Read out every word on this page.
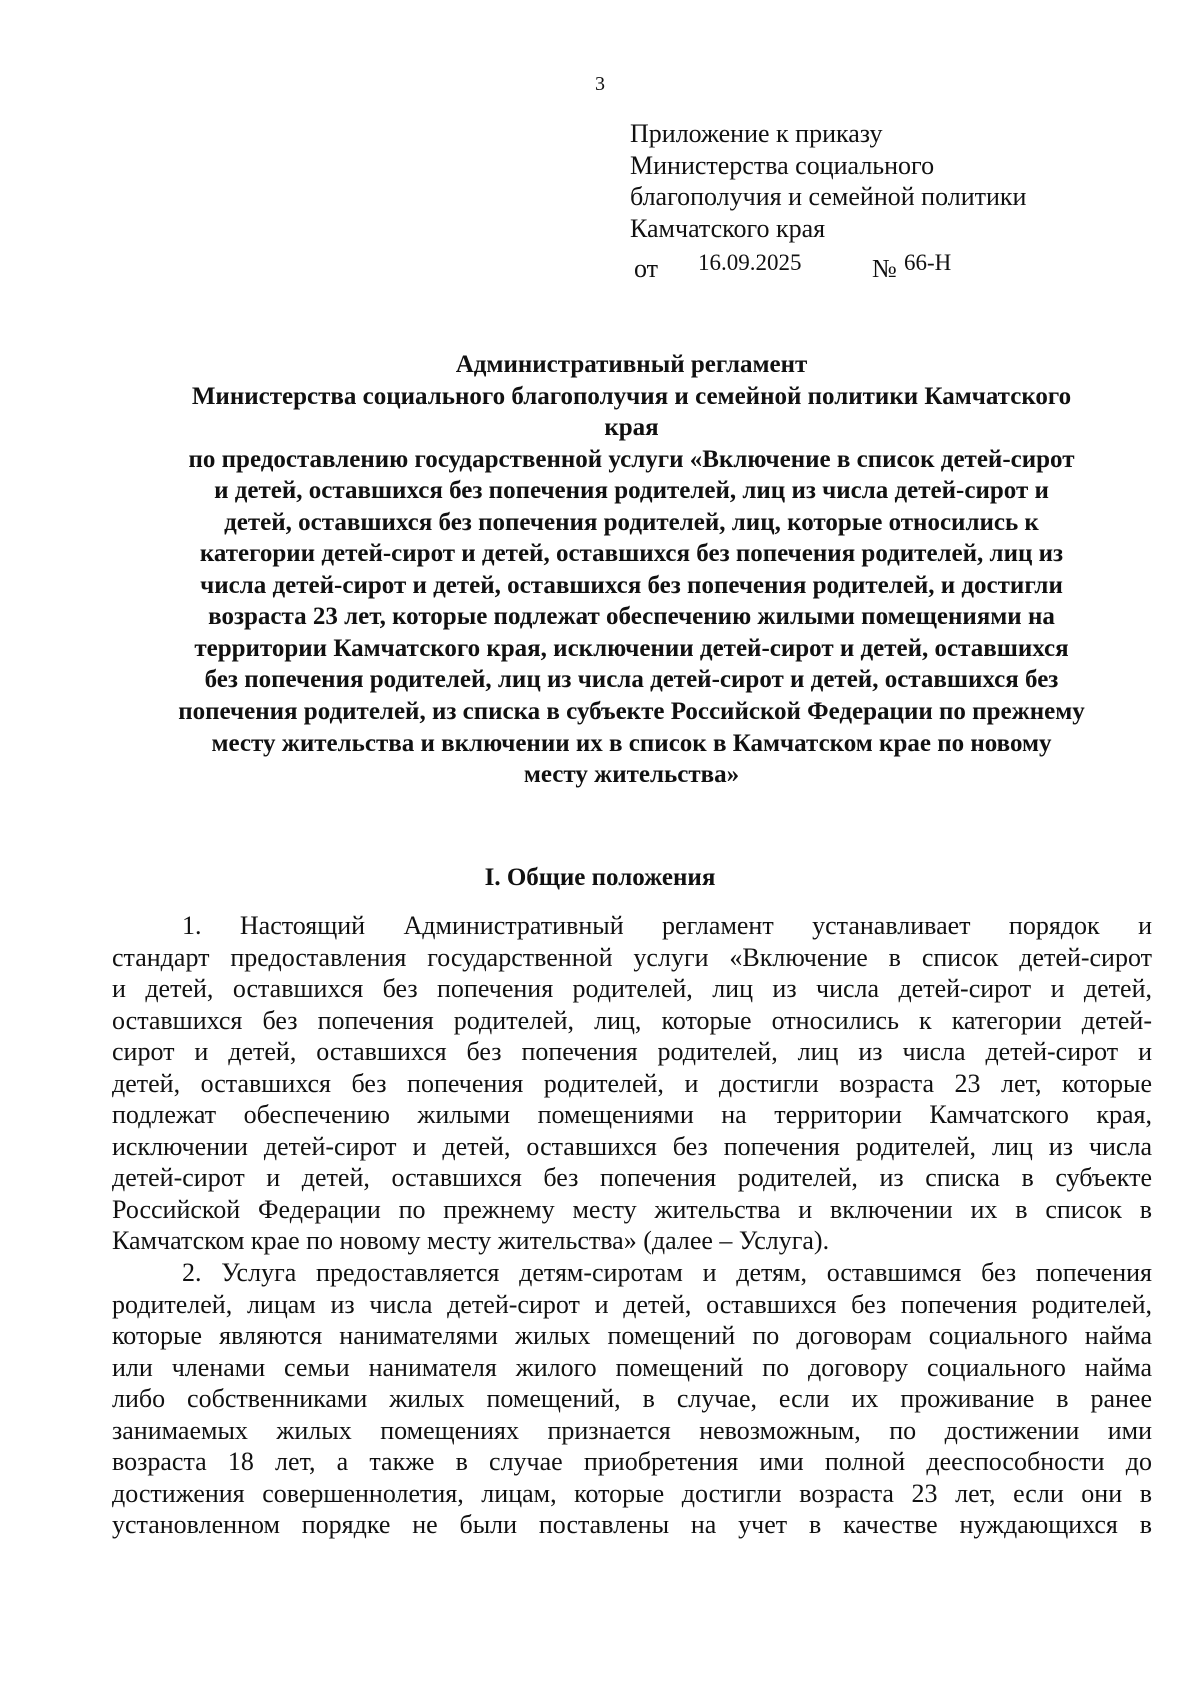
3
Приложение к приказу
Министерства социального
благополучия и семейной политики
Камчатского края
от 16.09.2025	№ 66-Н
Административный регламент
Министерства социального благополучия и семейной политики Камчатского
края
по предоставлению государственной услуги «Включение в список детей-сирот
и детей, оставшихся без попечения родителей, лиц из числа детей-сирот и
детей, оставшихся без попечения родителей, лиц, которые относились к
категории детей-сирот и детей, оставшихся без попечения родителей, лиц из
числа детей-сирот и детей, оставшихся без попечения родителей, и достигли
возраста 23 лет, которые подлежат обеспечению жилыми помещениями на
территории Камчатского края, исключении детей-сирот и детей, оставшихся
без попечения родителей, лиц из числа детей-сирот и детей, оставшихся без
попечения родителей, из списка в субъекте Российской Федерации по прежнему
месту жительства и включении их в список в Камчатском крае по новому
месту жительства»
I. Общие положения
1. Настоящий Административный регламент устанавливает порядок и
стандарт предоставления государственной услуги «Включение в список детей-сирот
и детей, оставшихся без попечения родителей, лиц из числа детей-сирот и детей,
оставшихся без попечения родителей, лиц, которые относились к категории детей-
сирот и детей, оставшихся без попечения родителей, лиц из числа детей-сирот и
детей, оставшихся без попечения родителей, и достигли возраста 23 лет, которые
подлежат обеспечению жилыми помещениями на территории Камчатского края,
исключении детей-сирот и детей, оставшихся без попечения родителей, лиц из числа
детей-сирот и детей, оставшихся без попечения родителей, из списка в субъекте
Российской Федерации по прежнему месту жительства и включении их в список в
Камчатском крае по новому месту жительства» (далее – Услуга).
2. Услуга предоставляется детям-сиротам и детям, оставшимся без попечения
родителей, лицам из числа детей-сирот и детей, оставшихся без попечения родителей,
которые являются нанимателями жилых помещений по договорам социального найма
или членами семьи нанимателя жилого помещений по договору социального найма
либо собственниками жилых помещений, в случае, если их проживание в ранее
занимаемых жилых помещениях признается невозможным, по достижении ими
возраста 18 лет, а также в случае приобретения ими полной дееспособности до
достижения совершеннолетия, лицам, которые достигли возраста 23 лет, если они в
установленном порядке не были поставлены на учет в качестве нуждающихся в
